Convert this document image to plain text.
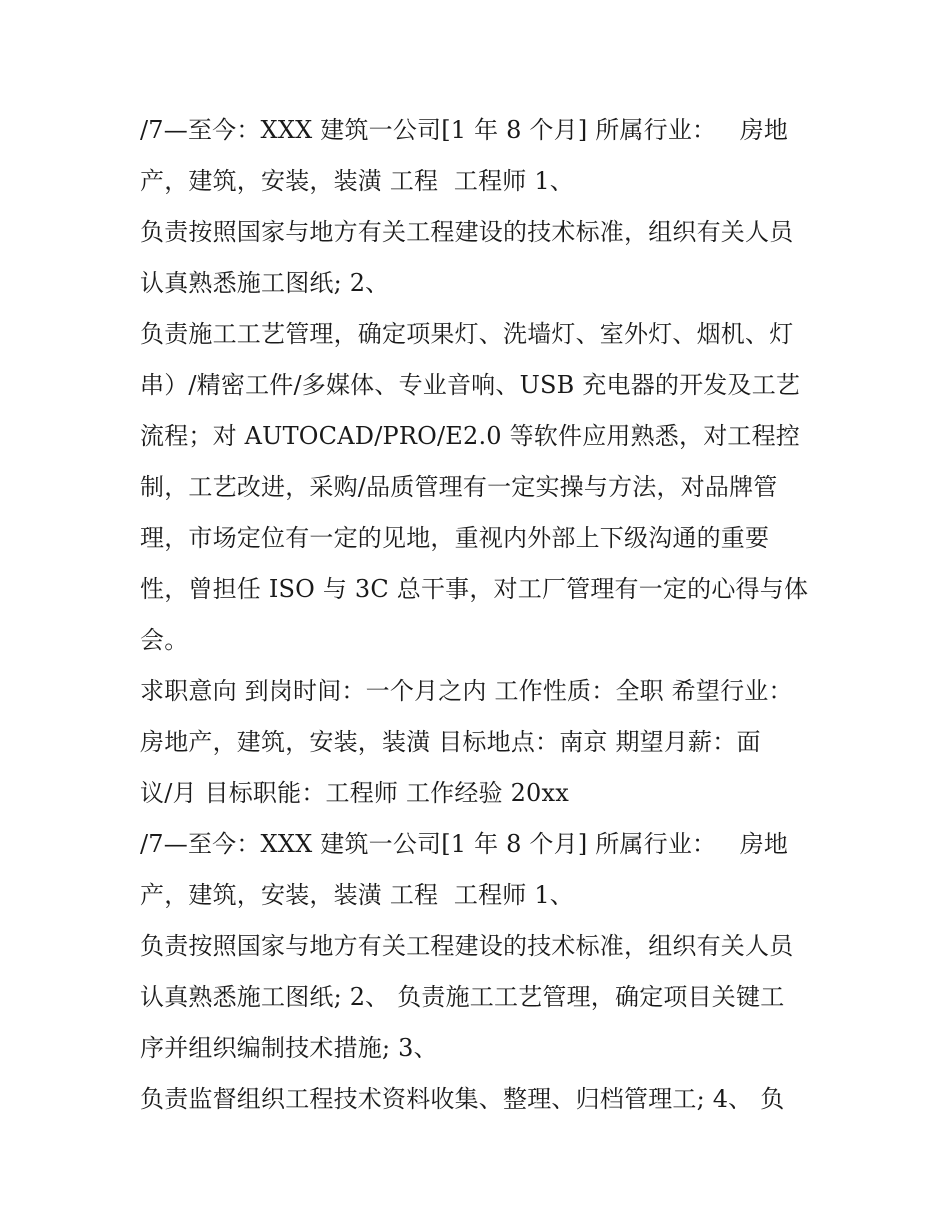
/7—至今：XXX 建筑一公司[1 年 8 个月] 所属行业：   房地
产，建筑，安装，装潢 工程  工程师 1、
负责按照国家与地方有关工程建设的技术标准，组织有关人员
认真熟悉施工图纸; 2、
负责施工工艺管理，确定项果灯、洗墙灯、室外灯、烟机、灯
串）/精密工件/多媒体、专业音响、USB 充电器的开发及工艺
流程；对 AUTOCAD/PRO/E2.0 等软件应用熟悉，对工程控
制，工艺改进，采购/品质管理有一定实操与方法，对品牌管
理，市场定位有一定的见地，重视内外部上下级沟通的重要
性，曾担任 ISO 与 3C 总干事，对工厂管理有一定的心得与体
会。
求职意向 到岗时间：一个月之内 工作性质：全职 希望行业：
房地产，建筑，安装，装潢 目标地点：南京 期望月薪：面
议/月 目标职能：工程师 工作经验 20xx
/7—至今：XXX 建筑一公司[1 年 8 个月] 所属行业：   房地
产，建筑，安装，装潢 工程  工程师 1、
负责按照国家与地方有关工程建设的技术标准，组织有关人员
认真熟悉施工图纸; 2、 负责施工工艺管理，确定项目关键工
序并组织编制技术措施; 3、
负责监督组织工程技术资料收集、整理、归档管理工; 4、 负
